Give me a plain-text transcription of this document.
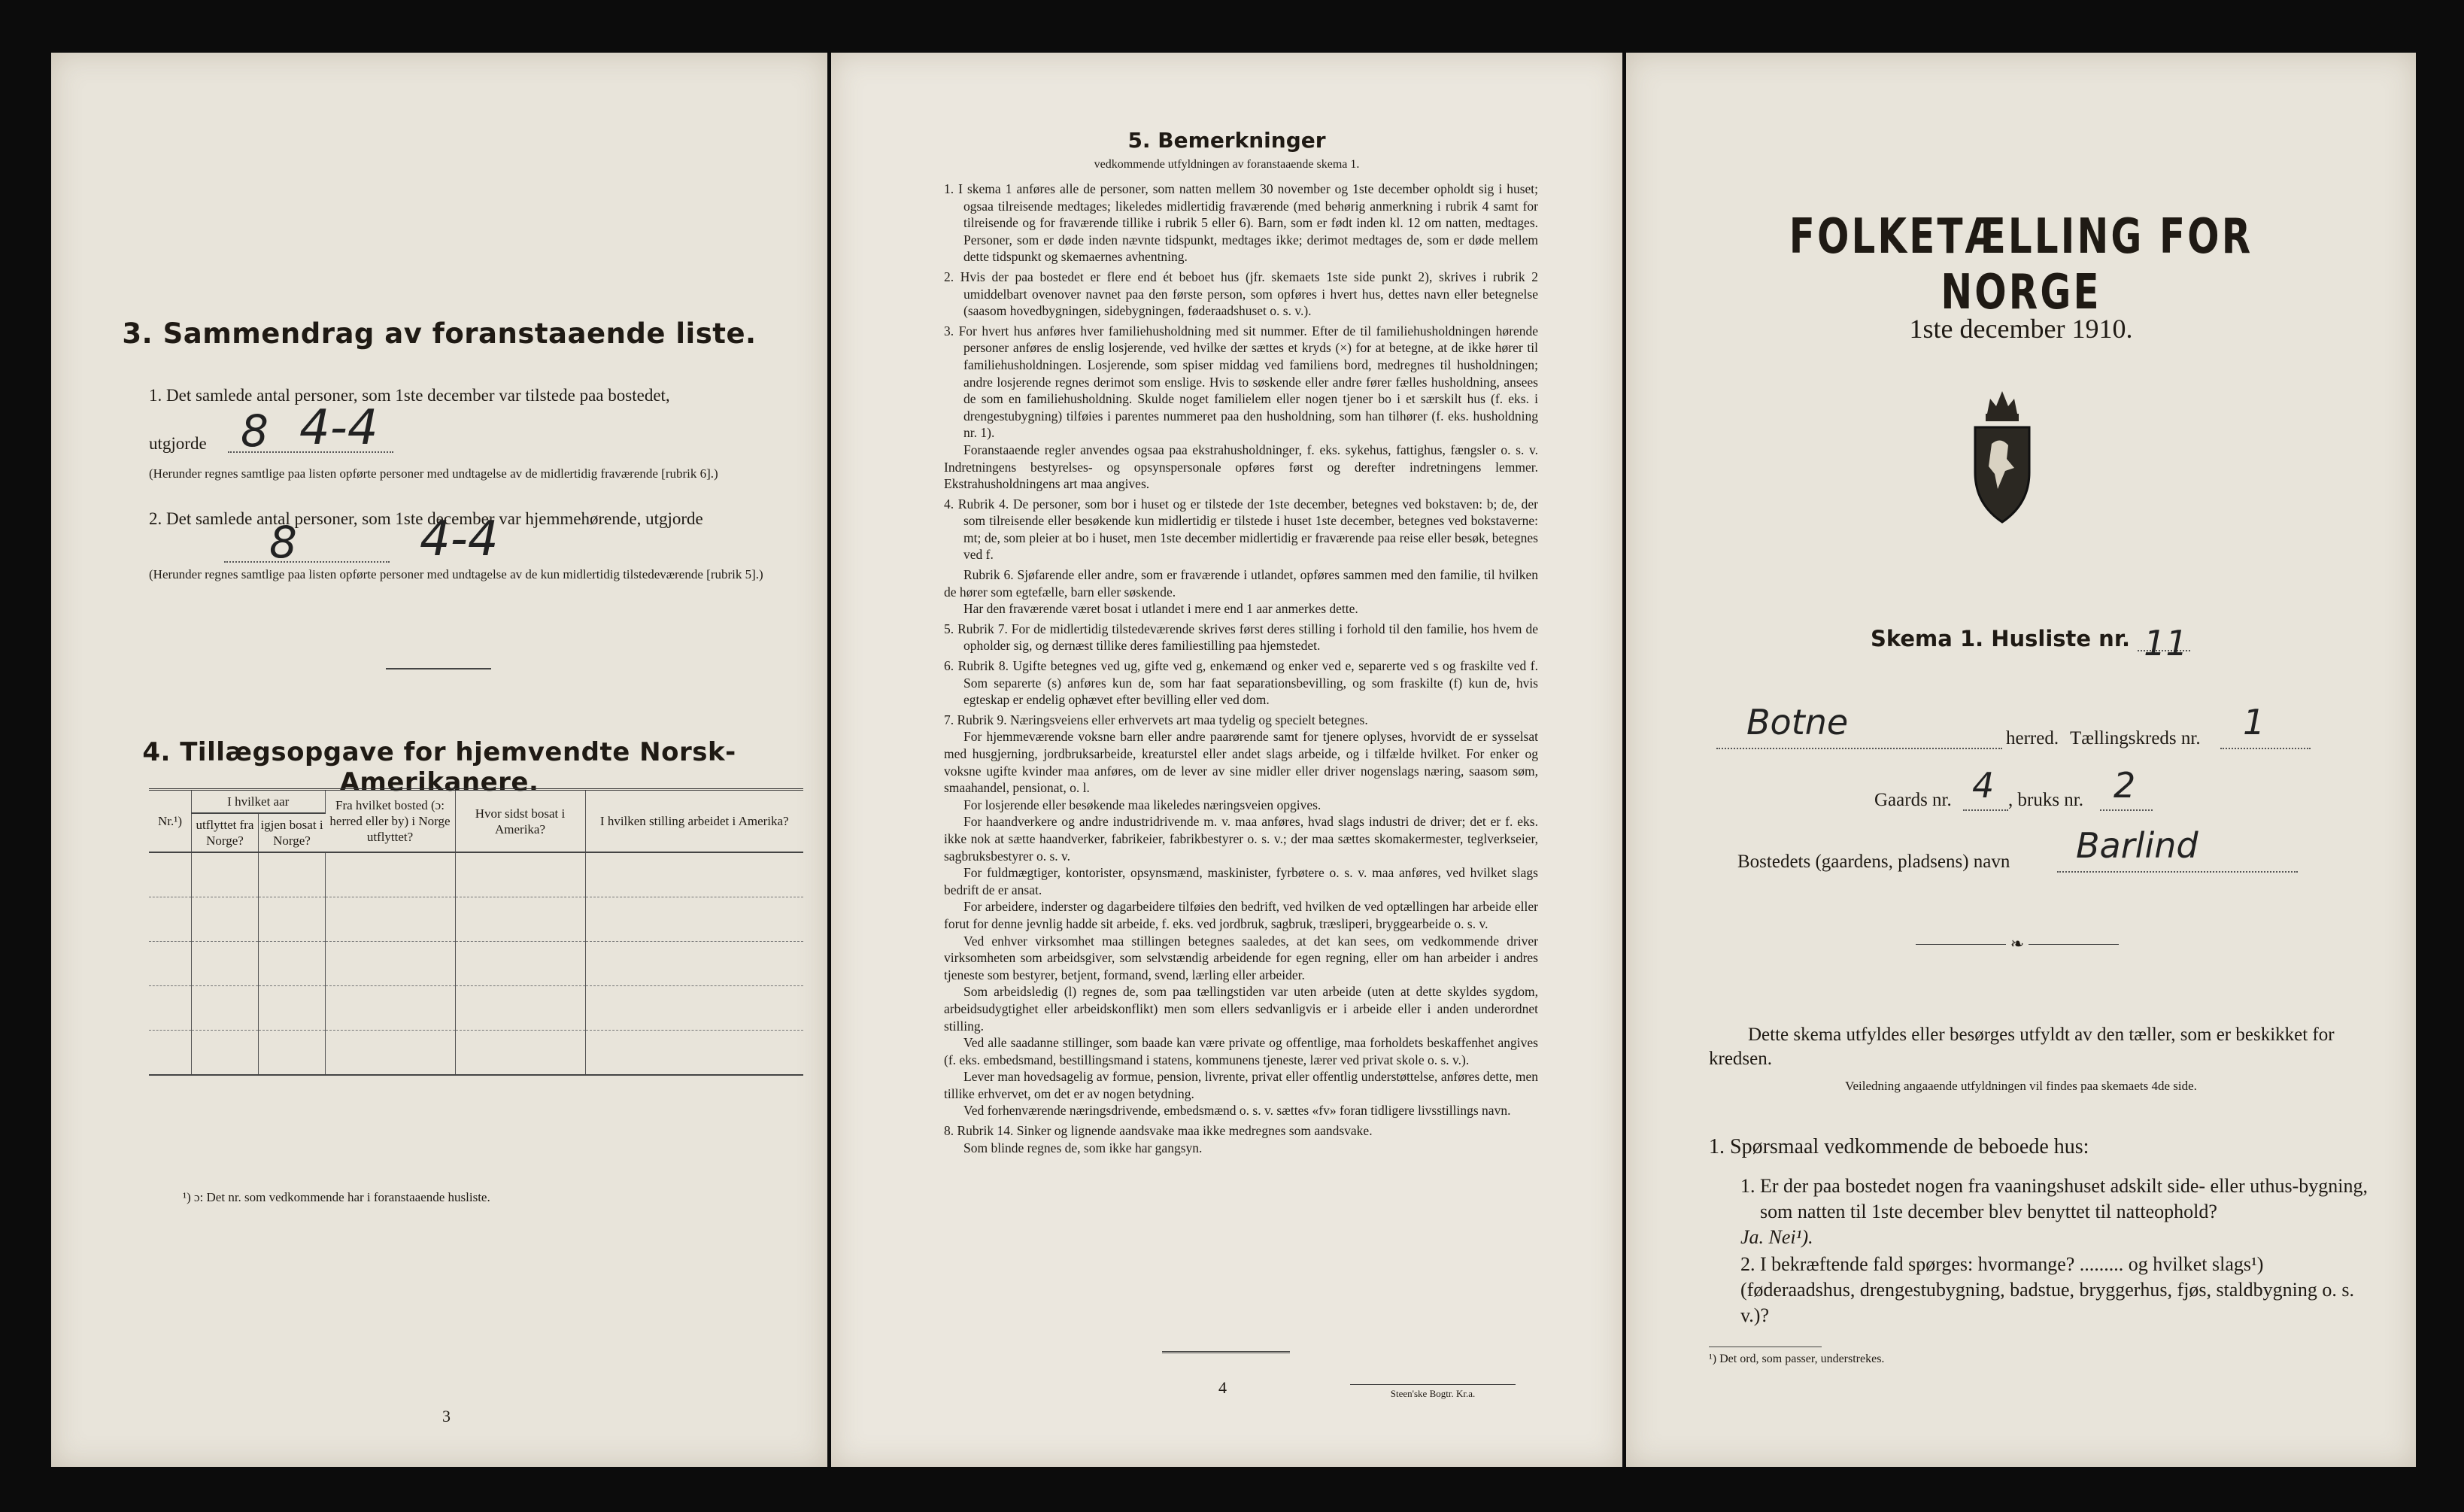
3. Sammendrag av foranstaaende liste.
1. Det samlede antal personer, som 1ste december var tilstede paa bostedet,
utgjorde 8 4-4
(Herunder regnes samtlige paa listen opførte personer med undtagelse av de midlertidig fraværende [rubrik 6].)
2. Det samlede antal personer, som 1ste december var hjemmehørende, utgjorde
8	4-4
(Herunder regnes samtlige paa listen opførte personer med undtagelse av de kun midlertidig tilstedeværende [rubrik 5].)
4. Tillægsopgave for hjemvendte Norsk-Amerikanere.
Nr.¹)	I hvilket aar		Fra hvilket bosted (ɔ: herred eller by) i Norge utflyttet?	Hvor sidst bosat i Amerika?	I hvilken stilling arbeidet i Amerika?
	utflyttet fra Norge?	igjen bosat i Norge?			

¹) ɔ: Det nr. som vedkommende har i foranstaaende husliste.
3
5. Bemerkninger
vedkommende utfyldningen av foranstaaende skema 1.

1. I skema 1 anføres alle de personer, som natten mellem 30 november og 1ste december opholdt sig i huset; ogsaa tilreisende medtages; likeledes midlertidig fraværende (med behørig anmerkning i rubrik 4 samt for tilreisende og for fraværende tillike i rubrik 5 eller 6). Barn, som er født inden kl. 12 om natten, medtages. Personer, som er døde inden nævnte tidspunkt, medtages ikke; derimot medtages de, som er døde mellem dette tidspunkt og skemaernes avhentning.

2. Hvis der paa bostedet er flere end ét beboet hus (jfr. skemaets 1ste side punkt 2), skrives i rubrik 2 umiddelbart ovenover navnet paa den første person, som opføres i hvert hus, dettes navn eller betegnelse (saasom hovedbygningen, sidebygningen, føderaadshuset o. s. v.).

3. For hvert hus anføres hver familiehusholdning med sit nummer. Efter de til familiehusholdningen hørende personer anføres de enslig losjerende, ved hvilke der sættes et kryds (×) for at betegne, at de ikke hører til familiehusholdningen. Losjerende, som spiser middag ved familiens bord, medregnes til husholdningen; andre losjerende regnes derimot som enslige. Hvis to søskende eller andre fører fælles husholdning, ansees de som en familiehusholdning. Skulde noget familielem eller nogen tjener bo i et særskilt hus (f. eks. i drengestubygning) tilføies i parentes nummeret paa den husholdning, som han tilhører (f. eks. husholdning nr. 1).

Foranstaaende regler anvendes ogsaa paa ekstrahusholdninger, f. eks. sykehus, fattighus, fængsler o. s. v. Indretningens bestyrelses- og opsynspersonale opføres først og derefter indretningens lemmer. Ekstrahusholdningens art maa angives.

4. Rubrik 4. De personer, som bor i huset og er tilstede der 1ste december, betegnes ved bokstaven: b; de, der som tilreisende eller besøkende kun midlertidig er tilstede i huset 1ste december, betegnes ved bokstaverne: mt; de, som pleier at bo i huset, men 1ste december midlertidig er fraværende paa reise eller besøk, betegnes ved f.

Rubrik 6. Sjøfarende eller andre, som er fraværende i utlandet, opføres sammen med den familie, til hvilken de hører som egtefælle, barn eller søskende.

Har den fraværende været bosat i utlandet i mere end 1 aar anmerkes dette.

5. Rubrik 7. For de midlertidig tilstedeværende skrives først deres stilling i forhold til den familie, hos hvem de opholder sig, og dernæst tillike deres familiestilling paa hjemstedet.

6. Rubrik 8. Ugifte betegnes ved ug, gifte ved g, enkemænd og enker ved e, separerte ved s og fraskilte ved f. Som separerte (s) anføres kun de, som har faat separationsbevilling, og som fraskilte (f) kun de, hvis egteskap er endelig ophævet efter bevilling eller ved dom.

7. Rubrik 9. Næringsveiens eller erhvervets art maa tydelig og specielt betegnes.

For hjemmeværende voksne barn eller andre paarørende samt for tjenere oplyses, hvorvidt de er sysselsat med husgjerning, jordbruksarbeide, kreaturstel eller andet slags arbeide, og i tilfælde hvilket. For enker og voksne ugifte kvinder maa anføres, om de lever av sine midler eller driver nogenslags næring, saasom søm, smaahandel, pensionat, o. l.

For losjerende eller besøkende maa likeledes næringsveien opgives.

For haandverkere og andre industridrivende m. v. maa anføres, hvad slags industri de driver; det er f. eks. ikke nok at sætte haandverker, fabrikeier, fabrikbestyrer o. s. v.; der maa sættes skomakermester, teglverkseier, sagbruksbestyrer o. s. v.

For fuldmægtiger, kontorister, opsynsmænd, maskinister, fyrbøtere o. s. v. maa anføres, ved hvilket slags bedrift de er ansat.

For arbeidere, inderster og dagarbeidere tilføies den bedrift, ved hvilken de ved optællingen har arbeide eller forut for denne jevnlig hadde sit arbeide, f. eks. ved jordbruk, sagbruk, træsliperi, bryggearbeide o. s. v.

Ved enhver virksomhet maa stillingen betegnes saaledes, at det kan sees, om vedkommende driver virksomheten som arbeidsgiver, som selvstændig arbeidende for egen regning, eller om han arbeider i andres tjeneste som bestyrer, betjent, formand, svend, lærling eller arbeider.

Som arbeidsledig (l) regnes de, som paa tællingstiden var uten arbeide (uten at dette skyldes sygdom, arbeidsudygtighet eller arbeidskonflikt) men som ellers sedvanligvis er i arbeide eller i anden underordnet stilling.

Ved alle saadanne stillinger, som baade kan være private og offentlige, maa forholdets beskaffenhet angives (f. eks. embedsmand, bestillingsmand i statens, kommunens tjeneste, lærer ved privat skole o. s. v.).

Lever man hovedsagelig av formue, pension, livrente, privat eller offentlig understøttelse, anføres dette, men tillike erhvervet, om det er av nogen betydning.

Ved forhenværende næringsdrivende, embedsmænd o. s. v. sættes «fv» foran tidligere livsstillings navn.

8. Rubrik 14. Sinker og lignende aandsvake maa ikke medregnes som aandsvake.

Som blinde regnes de, som ikke har gangsyn.

4	Steen'ske Bogtr. Kr.a.
FOLKETÆLLING FOR NORGE
1ste december 1910.
Skema 1. Husliste nr. 11
Botne	herred. Tællingskreds nr. 1
Gaards nr. 4 , bruks nr. 2
Bostedets (gaardens, pladsens) navn Barlind
❧
Dette skema utfyldes eller besørges utfyldt av den tæller, som er beskikket for kredsen.
Veiledning angaaende utfyldningen vil findes paa skemaets 4de side.
1. Spørsmaal vedkommende de beboede hus:
1. Er der paa bostedet nogen fra vaaningshuset adskilt side- eller uthus-bygning, som natten til 1ste december blev benyttet til natteophold?
Ja. Nei¹).
2. I bekræftende fald spørges: hvormange? ......... og hvilket slags¹) (føderaadshus, drengestubygning, badstue, bryggerhus, fjøs, staldbygning o. s. v.)?
¹) Det ord, som passer, understrekes.
